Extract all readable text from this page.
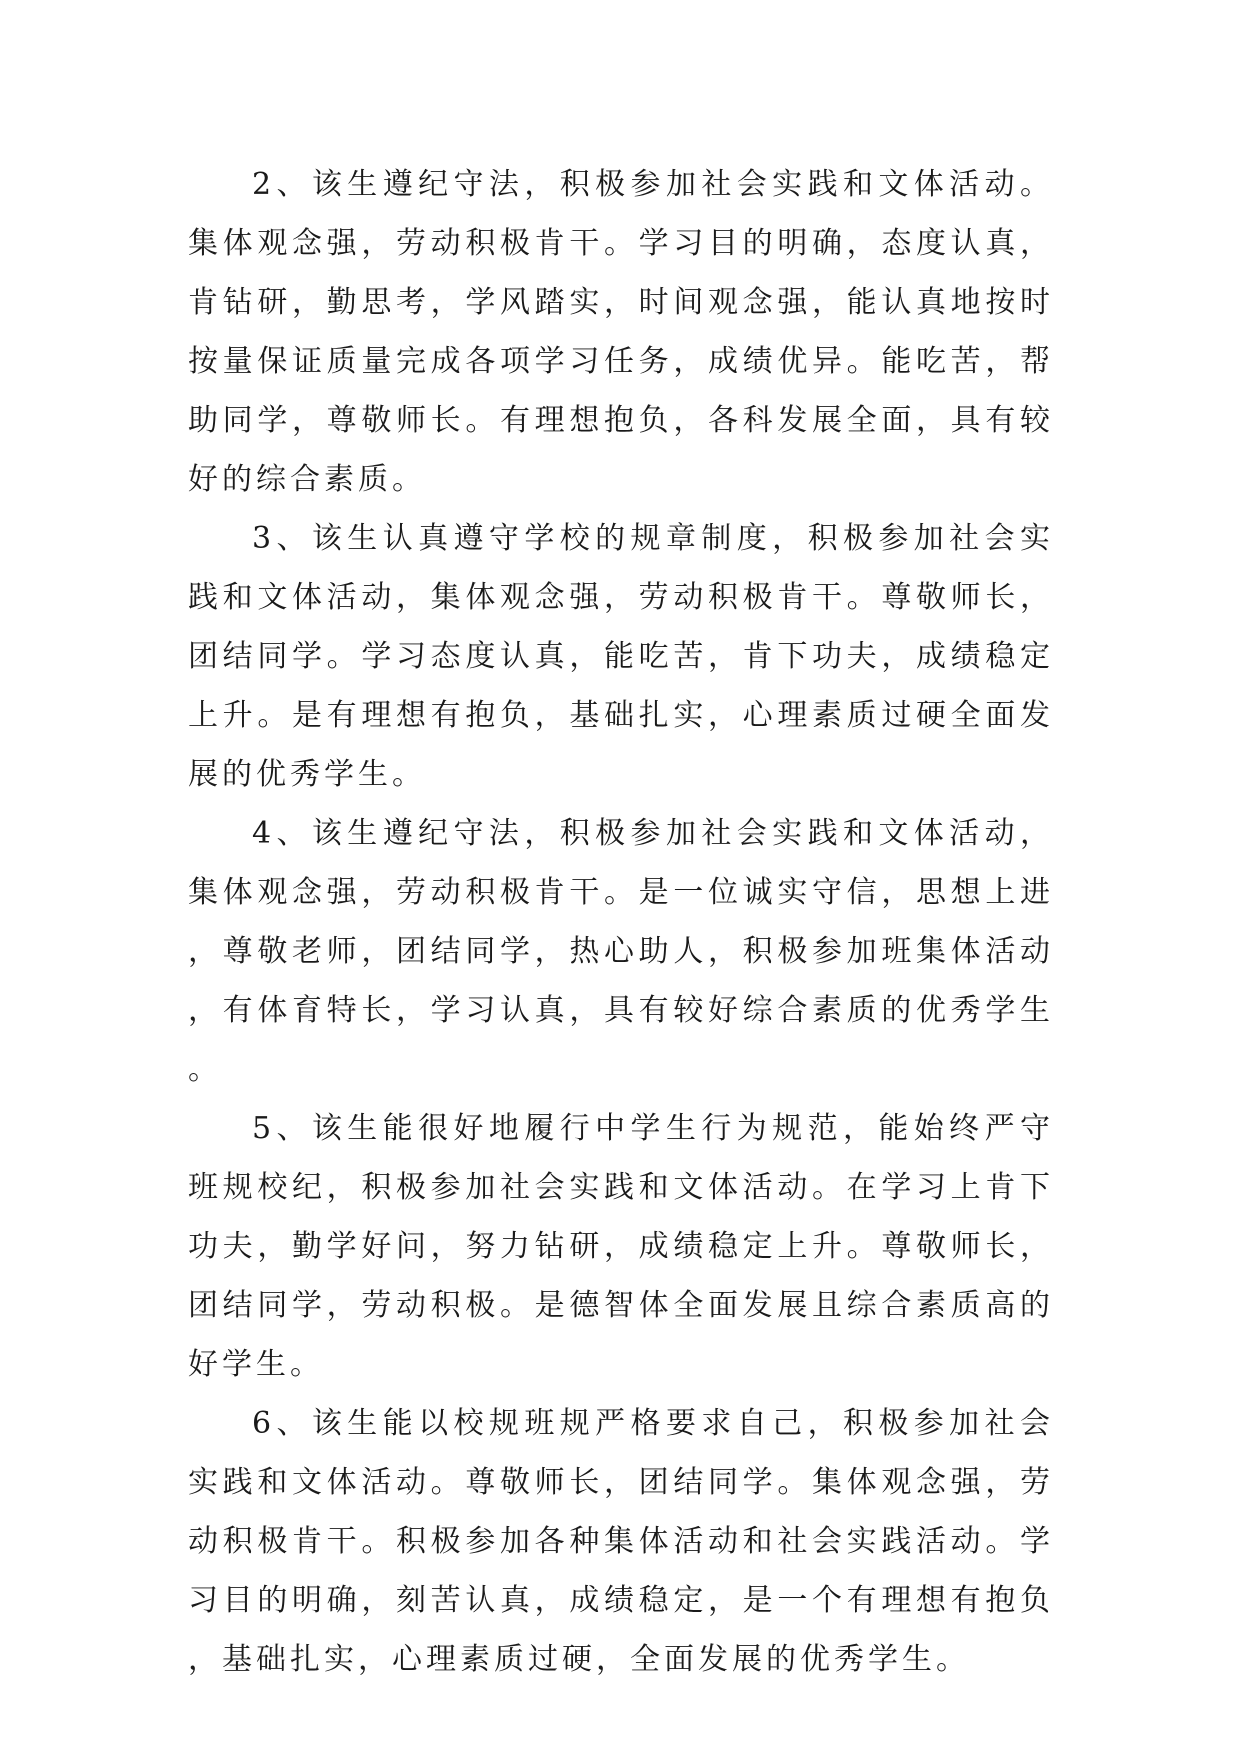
2、该生遵纪守法，积极参加社会实践和文体活动。集体观念强，劳动积极肯干。学习目的明确，态度认真，肯钻研，勤思考，学风踏实，时间观念强，能认真地按时按量保证质量完成各项学习任务，成绩优异。能吃苦，帮助同学，尊敬师长。有理想抱负，各科发展全面，具有较好的综合素质。

3、该生认真遵守学校的规章制度，积极参加社会实践和文体活动，集体观念强，劳动积极肯干。尊敬师长，团结同学。学习态度认真，能吃苦，肯下功夫，成绩稳定上升。是有理想有抱负，基础扎实，心理素质过硬全面发展的优秀学生。

4、该生遵纪守法，积极参加社会实践和文体活动，集体观念强，劳动积极肯干。是一位诚实守信，思想上进，尊敬老师，团结同学，热心助人，积极参加班集体活动，有体育特长，学习认真，具有较好综合素质的优秀学生。

5、该生能很好地履行中学生行为规范，能始终严守班规校纪，积极参加社会实践和文体活动。在学习上肯下功夫，勤学好问，努力钻研，成绩稳定上升。尊敬师长，团结同学，劳动积极。是德智体全面发展且综合素质高的好学生。

6、该生能以校规班规严格要求自己，积极参加社会实践和文体活动。尊敬师长，团结同学。集体观念强，劳动积极肯干。积极参加各种集体活动和社会实践活动。学习目的明确，刻苦认真，成绩稳定，是一个有理想有抱负，基础扎实，心理素质过硬，全面发展的优秀学生。
